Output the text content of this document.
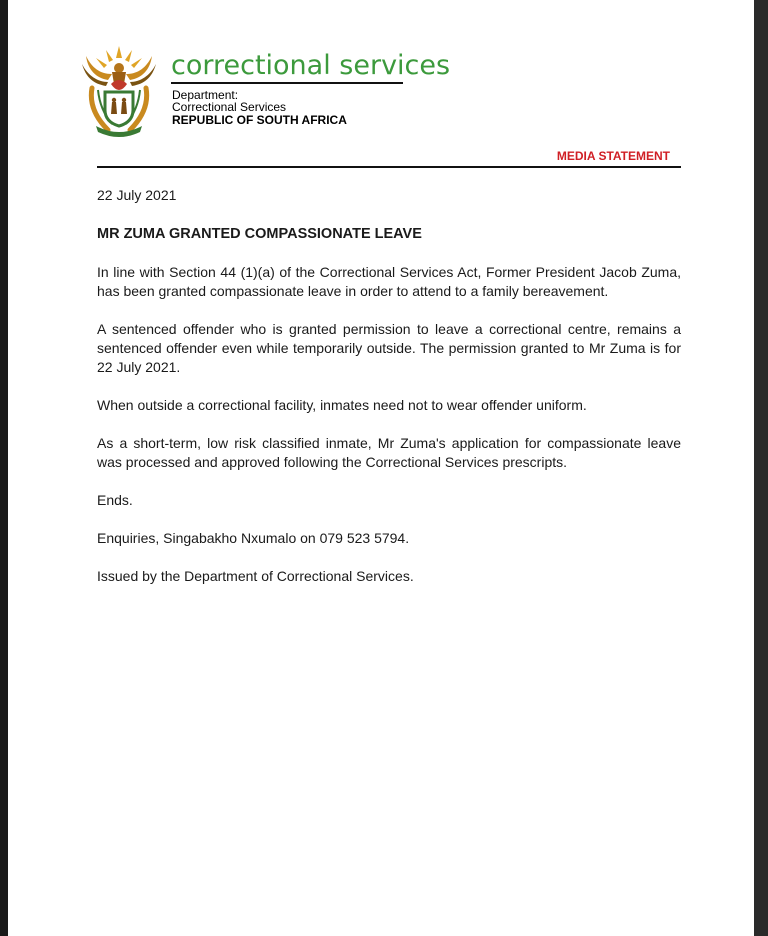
correctional services
Department:
Correctional Services
REPUBLIC OF SOUTH AFRICA
MEDIA STATEMENT

22 July 2021

MR ZUMA GRANTED COMPASSIONATE LEAVE

In line with Section 44 (1)(a) of the Correctional Services Act, Former President Jacob Zuma, has been granted compassionate leave in order to attend to a family bereavement.

A sentenced offender who is granted permission to leave a correctional centre, remains a sentenced offender even while temporarily outside. The permission granted to Mr Zuma is for 22 July 2021.

When outside a correctional facility, inmates need not to wear offender uniform.

As a short-term, low risk classified inmate, Mr Zuma's application for compassionate leave was processed and approved following the Correctional Services prescripts.

Ends.

Enquiries, Singabakho Nxumalo on 079 523 5794.

Issued by the Department of Correctional Services.
